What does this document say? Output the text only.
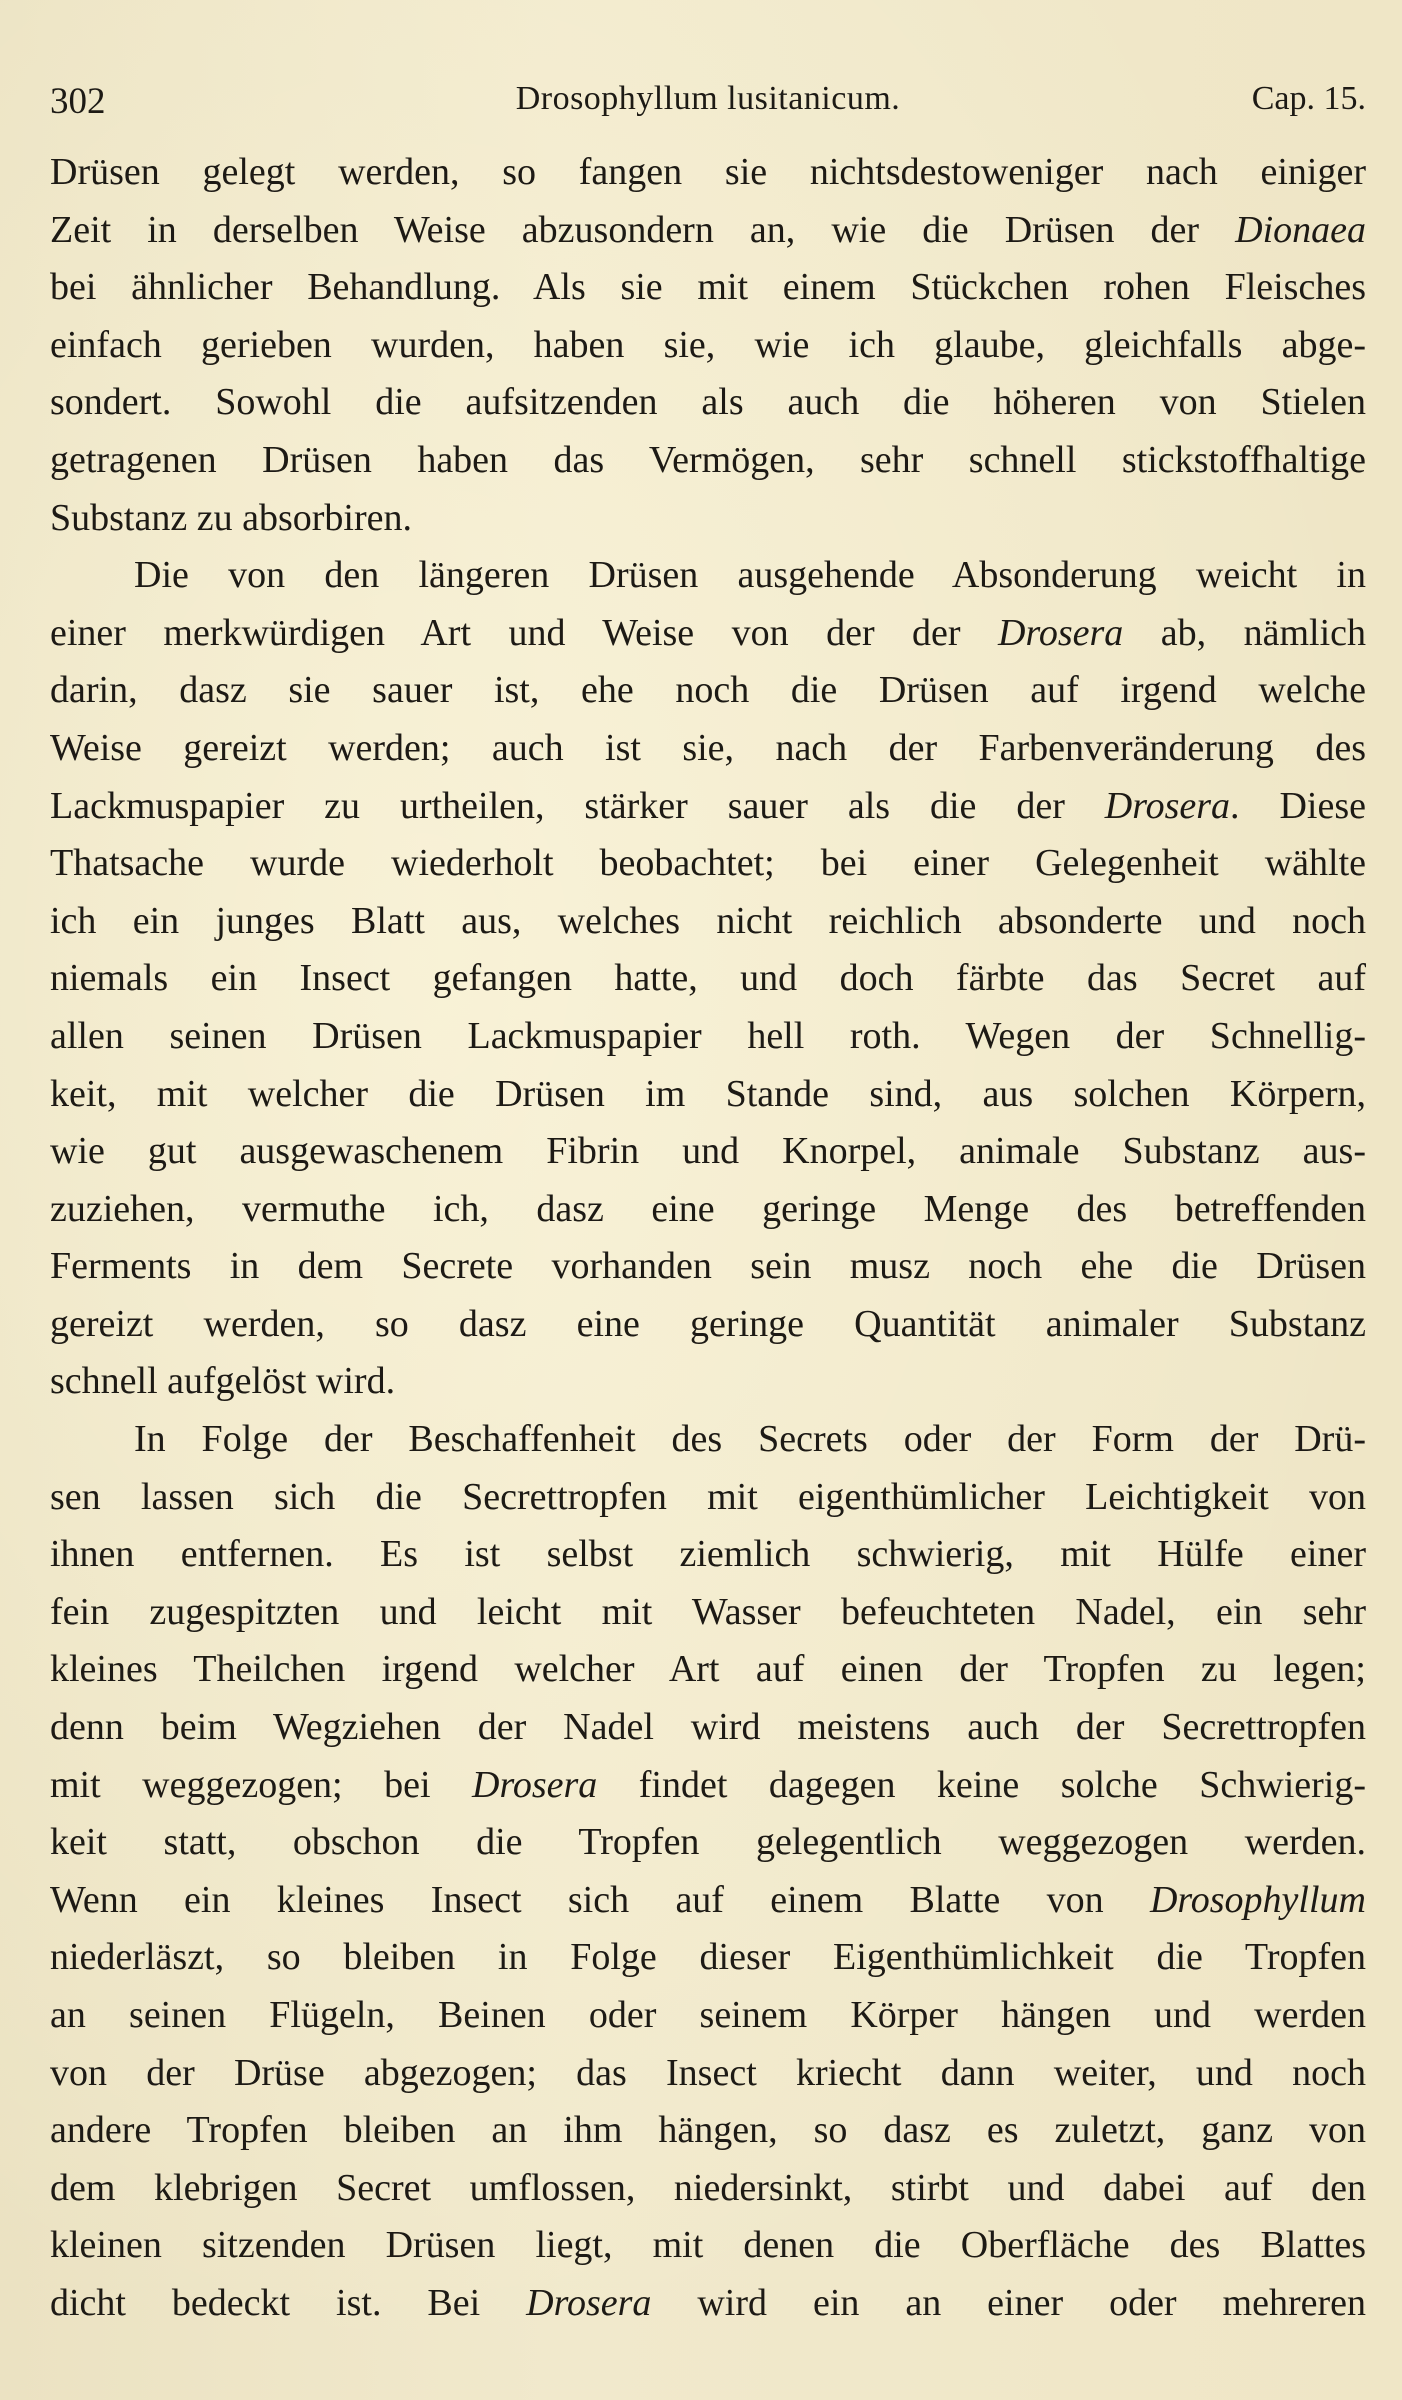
302	Drosophyllum lusitanicum.	Cap. 15.
Drüsen gelegt werden, so fangen sie nichtsdestoweniger nach einiger
Zeit in derselben Weise abzusondern an, wie die Drüsen der Dionaea
bei ähnlicher Behandlung. Als sie mit einem Stückchen rohen Fleisches
einfach gerieben wurden, haben sie, wie ich glaube, gleichfalls abge-
sondert. Sowohl die aufsitzenden als auch die höheren von Stielen
getragenen Drüsen haben das Vermögen, sehr schnell stickstoffhaltige
Substanz zu absorbiren.
Die von den längeren Drüsen ausgehende Absonderung weicht in
einer merkwürdigen Art und Weise von der der Drosera ab, nämlich
darin, dasz sie sauer ist, ehe noch die Drüsen auf irgend welche
Weise gereizt werden; auch ist sie, nach der Farbenveränderung des
Lackmuspapier zu urtheilen, stärker sauer als die der Drosera. Diese
Thatsache wurde wiederholt beobachtet; bei einer Gelegenheit wählte
ich ein junges Blatt aus, welches nicht reichlich absonderte und noch
niemals ein Insect gefangen hatte, und doch färbte das Secret auf
allen seinen Drüsen Lackmuspapier hell roth. Wegen der Schnellig-
keit, mit welcher die Drüsen im Stande sind, aus solchen Körpern,
wie gut ausgewaschenem Fibrin und Knorpel, animale Substanz aus-
zuziehen, vermuthe ich, dasz eine geringe Menge des betreffenden
Ferments in dem Secrete vorhanden sein musz noch ehe die Drüsen
gereizt werden, so dasz eine geringe Quantität animaler Substanz
schnell aufgelöst wird.
In Folge der Beschaffenheit des Secrets oder der Form der Drü-
sen lassen sich die Secrettropfen mit eigenthümlicher Leichtigkeit von
ihnen entfernen. Es ist selbst ziemlich schwierig, mit Hülfe einer
fein zugespitzten und leicht mit Wasser befeuchteten Nadel, ein sehr
kleines Theilchen irgend welcher Art auf einen der Tropfen zu legen;
denn beim Wegziehen der Nadel wird meistens auch der Secrettropfen
mit weggezogen; bei Drosera findet dagegen keine solche Schwierig-
keit statt, obschon die Tropfen gelegentlich weggezogen werden.
Wenn ein kleines Insect sich auf einem Blatte von Drosophyllum
niederläszt, so bleiben in Folge dieser Eigenthümlichkeit die Tropfen
an seinen Flügeln, Beinen oder seinem Körper hängen und werden
von der Drüse abgezogen; das Insect kriecht dann weiter, und noch
andere Tropfen bleiben an ihm hängen, so dasz es zuletzt, ganz von
dem klebrigen Secret umflossen, niedersinkt, stirbt und dabei auf den
kleinen sitzenden Drüsen liegt, mit denen die Oberfläche des Blattes
dicht bedeckt ist. Bei Drosera wird ein an einer oder mehreren
